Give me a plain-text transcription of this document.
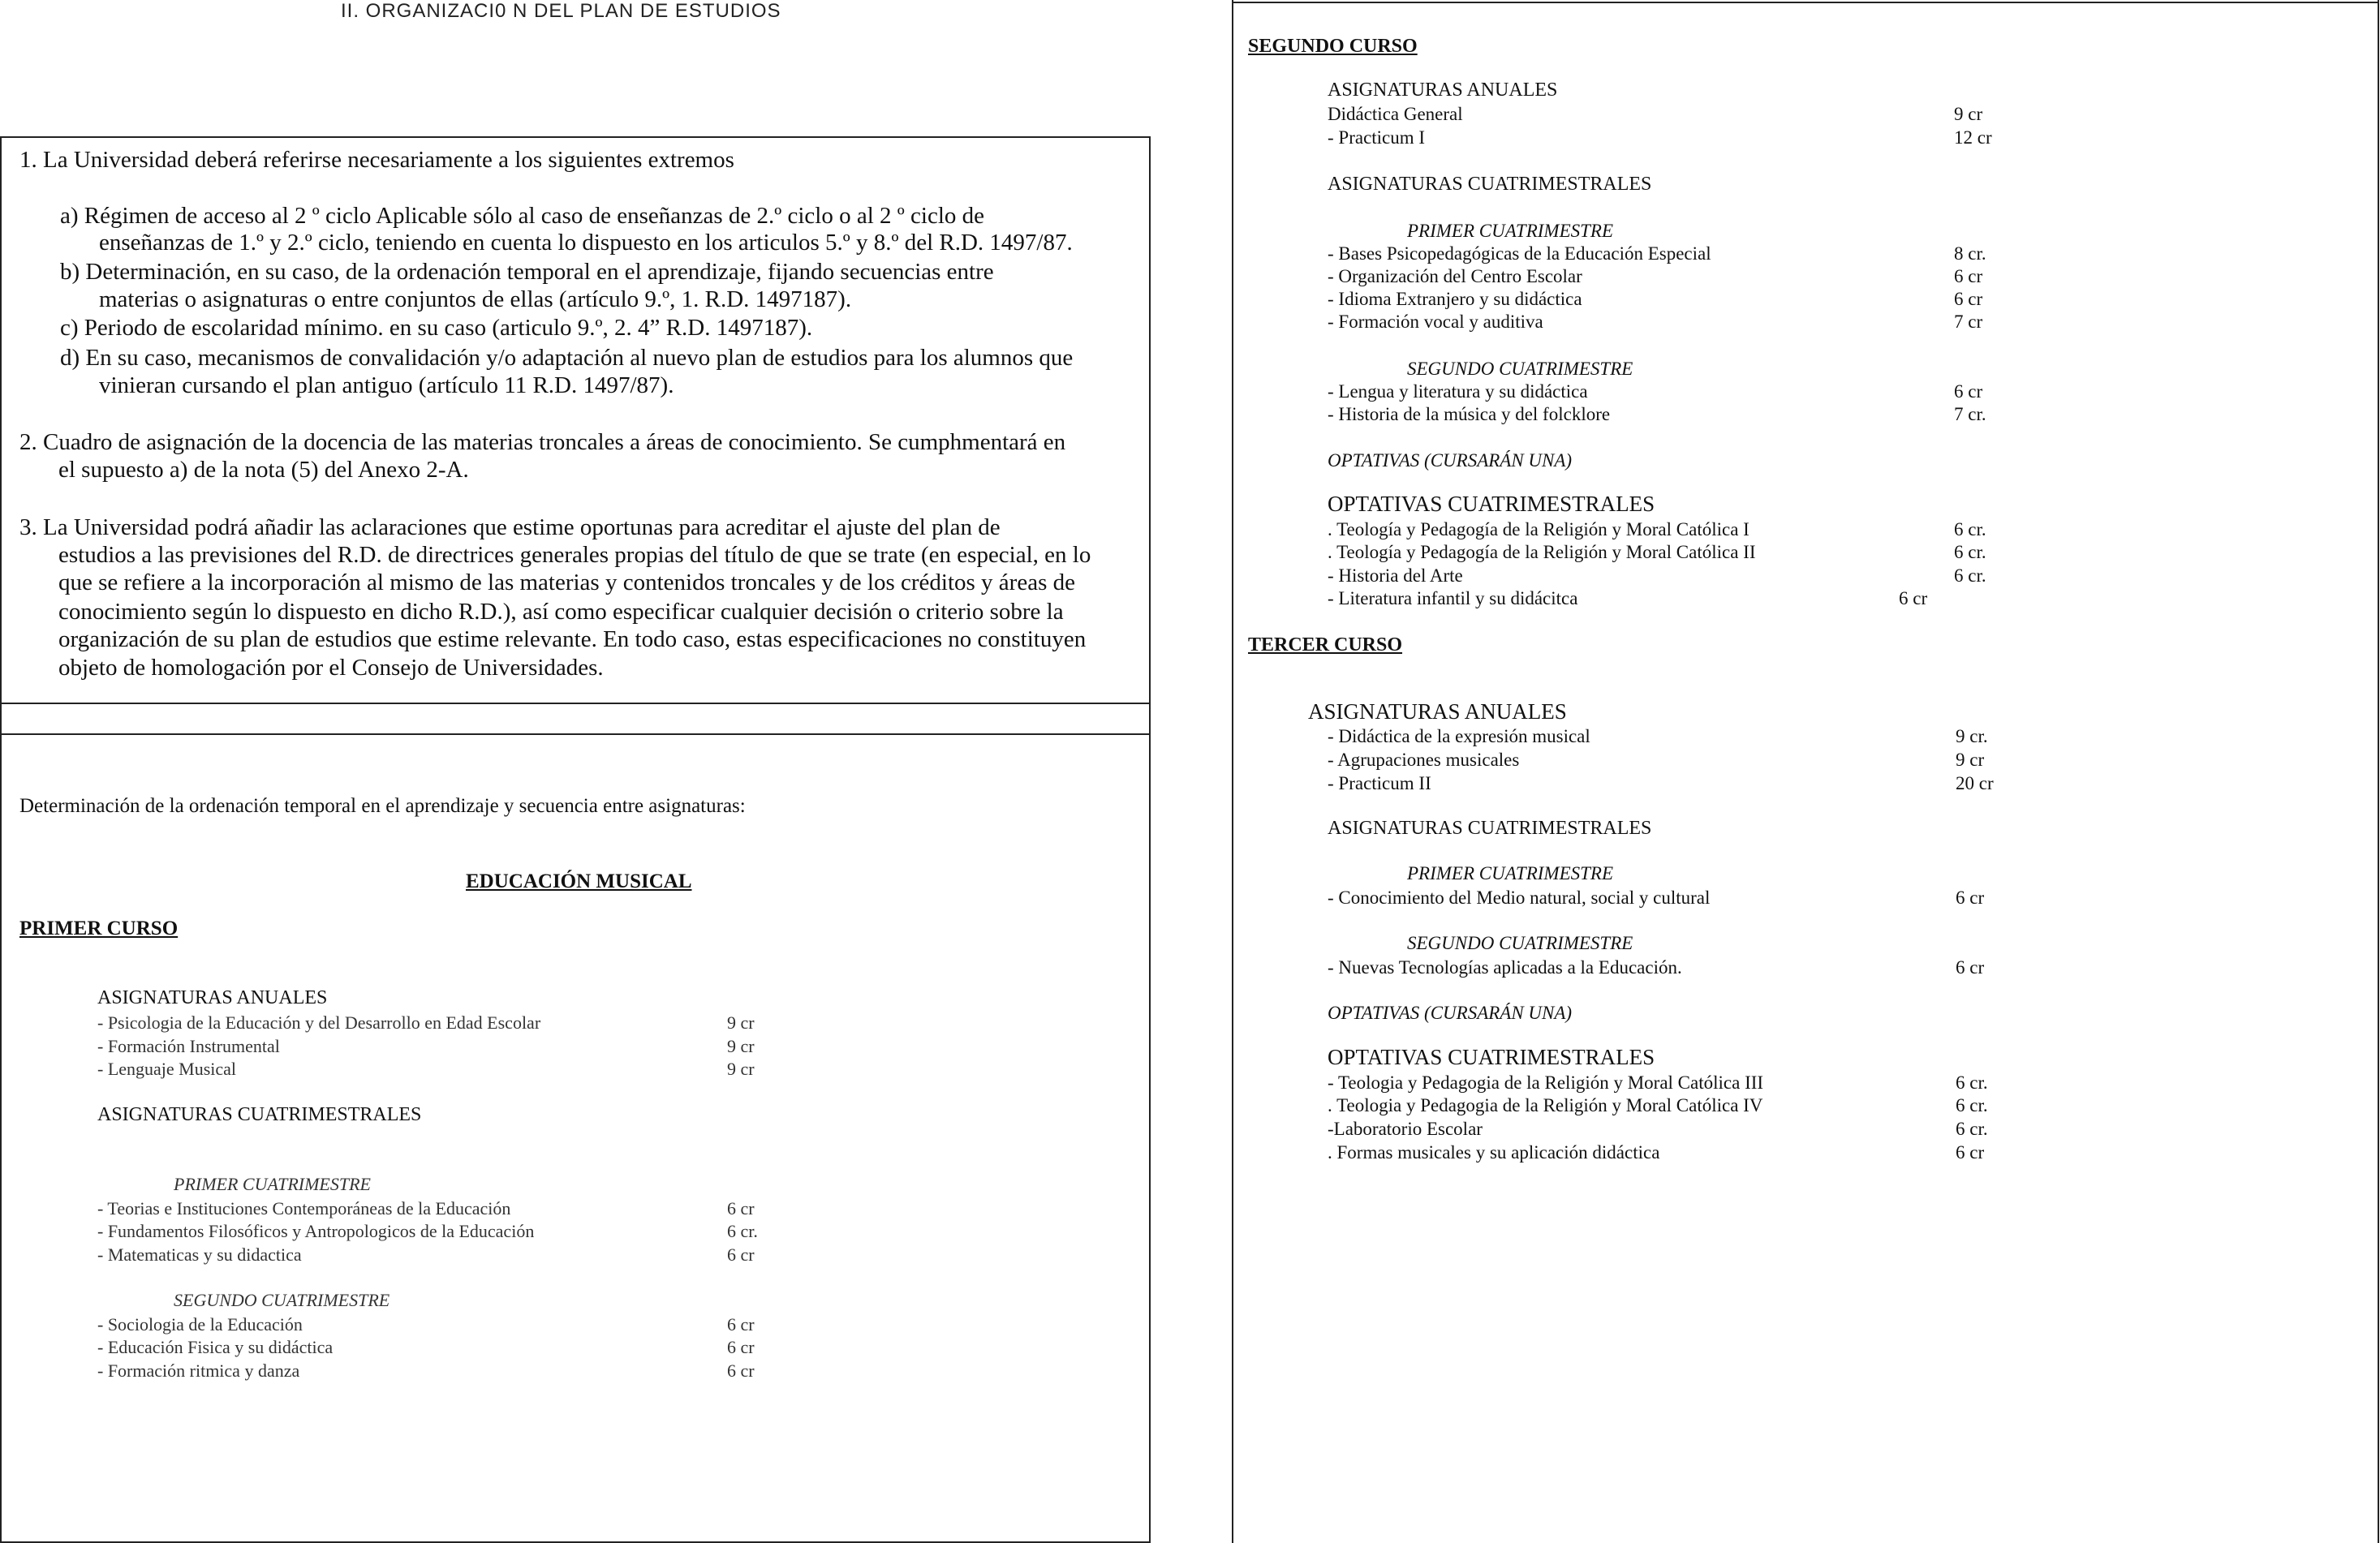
II. ORGANIZACI0 N DEL PLAN DE ESTUDIOS
1. La Universidad deberá referirse necesariamente a los siguientes extremos
a) Régimen de acceso al 2 º ciclo Aplicable sólo al caso de enseñanzas de 2.º ciclo o al 2 º ciclo de
enseñanzas de 1.º y 2.º ciclo, teniendo en cuenta lo dispuesto en los articulos 5.º y 8.º del R.D. 1497/87.
b) Determinación, en su caso, de la ordenación temporal en el aprendizaje, fijando secuencias entre
materias o asignaturas o entre conjuntos de ellas (artículo 9.º, 1. R.D. 1497187).
c) Periodo de escolaridad mínimo. en su caso (articulo 9.º, 2. 4” R.D. 1497187).
d) En su caso, mecanismos de convalidación y/o adaptación al nuevo plan de estudios para los alumnos que
vinieran cursando el plan antiguo (artículo 11 R.D. 1497/87).
2. Cuadro de asignación de la docencia de las materias troncales a áreas de conocimiento. Se cumphmentará en
el supuesto a) de la nota (5) del Anexo 2-A.
3. La Universidad podrá añadir las aclaraciones que estime oportunas para acreditar el ajuste del plan de
estudios a las previsiones del R.D. de directrices generales propias del título de que se trate (en especial, en lo
que se refiere a la incorporación al mismo de las materias y contenidos troncales y de los créditos y áreas de
conocimiento según lo dispuesto en dicho R.D.), así como especificar cualquier decisión o criterio sobre la
organización de su plan de estudios que estime relevante. En todo caso, estas especificaciones no constituyen
objeto de homologación por el Consejo de Universidades.
Determinación de la ordenación temporal en el aprendizaje y secuencia entre asignaturas:
EDUCACIÓN MUSICAL
PRIMER CURSO
ASIGNATURAS ANUALES
- Psicologia de la Educación y del Desarrollo en Edad Escolar	9 cr
- Formación Instrumental	9 cr
- Lenguaje Musical	9 cr
ASIGNATURAS CUATRIMESTRALES
PRIMER CUATRIMESTRE
- Teorias e Instituciones Contemporáneas de la Educación	6 cr
- Fundamentos Filosóficos y Antropologicos de la Educación	6 cr.
- Matematicas y su didactica	6 cr
SEGUNDO CUATRIMESTRE
- Sociologia de la Educación	6 cr
- Educación Fisica y su didáctica	6 cr
- Formación ritmica y danza	6 cr
SEGUNDO CURSO
ASIGNATURAS ANUALES
Didáctica General	9 cr
- Practicum I	12 cr
ASIGNATURAS CUATRIMESTRALES
PRIMER CUATRIMESTRE
- Bases Psicopedagógicas de la Educación Especial	8 cr.
- Organización del Centro Escolar	6 cr
- Idioma Extranjero y su didáctica	6 cr
- Formación vocal y auditiva	7 cr
SEGUNDO CUATRIMESTRE
- Lengua y literatura y su didáctica	6 cr
- Historia de la música y del folcklore	7 cr.
OPTATIVAS (CURSARÁN UNA)
OPTATIVAS CUATRIMESTRALES
. Teología y Pedagogía de la Religión y Moral Católica I	6 cr.
. Teología y Pedagogía de la Religión y Moral Católica II	6 cr.
- Historia del Arte	6 cr.
- Literatura infantil y su didácitca	6 cr
TERCER CURSO
ASIGNATURAS ANUALES
- Didáctica de la expresión musical	9 cr.
- Agrupaciones musicales	9 cr
- Practicum II	20 cr
ASIGNATURAS CUATRIMESTRALES
PRIMER CUATRIMESTRE
- Conocimiento del Medio natural, social y cultural	6 cr
SEGUNDO CUATRIMESTRE
- Nuevas Tecnologías aplicadas a la Educación.	6 cr
OPTATIVAS (CURSARÁN UNA)
OPTATIVAS CUATRIMESTRALES
- Teologia y Pedagogia de la Religión y Moral Católica III	6 cr.
. Teologia y Pedagogia de la Religión y Moral Católica IV	6 cr.
-Laboratorio Escolar	6 cr.
. Formas musicales y su aplicación didáctica	6 cr
